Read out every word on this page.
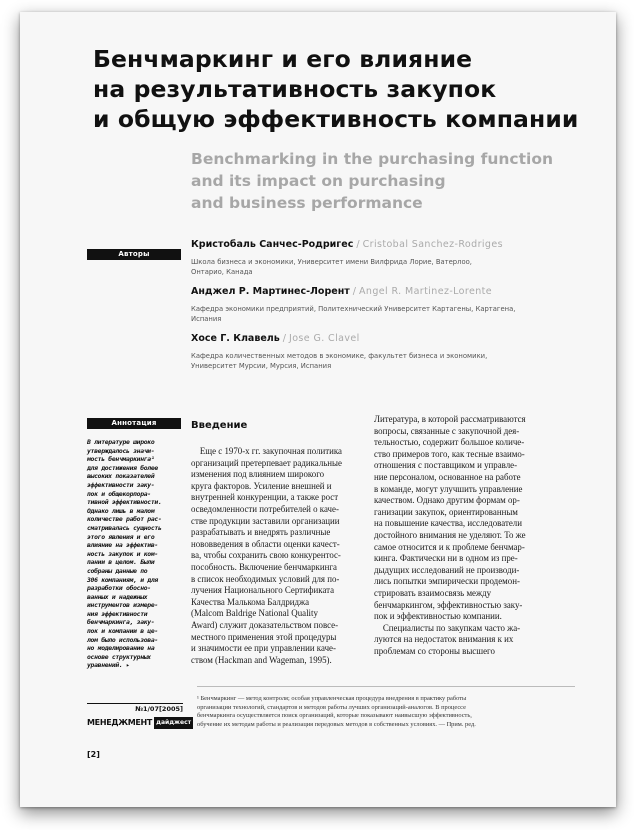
Бенчмаркинг и его влияние
на результативность закупок
и общую эффективность компании
Benchmarking in the purchasing function
and its impact on purchasing
and business performance
Авторы
Кристобаль Санчес-Родригес / Cristobal Sanchez-Rodriges
Школа бизнеса и экономики, Университет имени Вилфрида Лорие, Ватерлоо,
Онтарио, Канада
Анджел Р. Мартинес-Лорент / Angel R. Martinez-Lorente
Кафедра экономики предприятий, Политехнический Университет Картагены, Картагена,
Испания
Хосе Г. Клавель / Jose G. Clavel
Кафедра количественных методов в экономике, факультет бизнеса и экономики,
Университет Мурсии, Мурсия, Испания
Аннотация
В литературе широко
утверждалось значи-
мость бенчмаркинга¹
для достижения более
высоких показателей
эффективности заку-
пок и общекорпора-
тивной эффективности.
Однако лишь в малом
количестве работ рас-
сматривалась сущность
этого явления и его
влияние на эффектив-
ность закупок и ком-
пании в целом. Были
собраны данные по
306 компаниям, и для
разработки обосно-
ванных и надежных
инструментов измере-
ния эффективности
бенчмаркинга, заку-
пок и компании в це-
лом было использова-
но моделирование на
основе структурных
уравнений. ▸
№1/07[2005]
МЕНЕДЖМЕНТ дайджест
[2]
Введение
Еще с 1970-х гг. закупочная политика
организаций претерпевает радикальные
изменения под влиянием широкого
круга факторов. Усиление внешней и
внутренней конкуренции, а также рост
осведомленности потребителей о каче-
стве продукции заставили организации
разрабатывать и внедрять различные
нововведения в области оценки качест-
ва, чтобы сохранить свою конкурентос-
пособность. Включение бенчмаркинга
в список необходимых условий для по-
лучения Национального Сертификата
Качества Малькома Балдриджа
(Malcom Baldrige National Quality
Award) служит доказательством повсе-
местного применения этой процедуры
и значимости ее при управлении каче-
ством (Hackman and Wageman, 1995).
Литература, в которой рассматриваются
вопросы, связанные с закупочной дея-
тельностью, содержит большое количе-
ство примеров того, как тесные взаимо-
отношения с поставщиком и управле-
ние персоналом, основанное на работе
в команде, могут улучшить управление
качеством. Однако другим формам ор-
ганизации закупок, ориентированным
на повышение качества, исследователи
достойного внимания не уделяют. То же
самое относится и к проблеме бенчмар-
кинга. Фактически ни в одном из пре-
дыдущих исследований не производи-
лись попытки эмпирически продемон-
стрировать взаимосвязь между
бенчмаркингом, эффективностью заку-
пок и эффективностью компании.
Специалисты по закупкам часто жа-
луются на недостаток внимания к их
проблемам со стороны высшего
¹ Бенчмаркинг — метод контроля; особая управленческая процедура внедрения в практику работы
организации технологий, стандартов и методов работы лучших организаций-аналогов. В процессе
бенчмаркинга осуществляется поиск организаций, которые показывают наивысшую эффективность,
обучение их методам работы и реализация передовых методов в собственных условиях. — Прим. ред.
